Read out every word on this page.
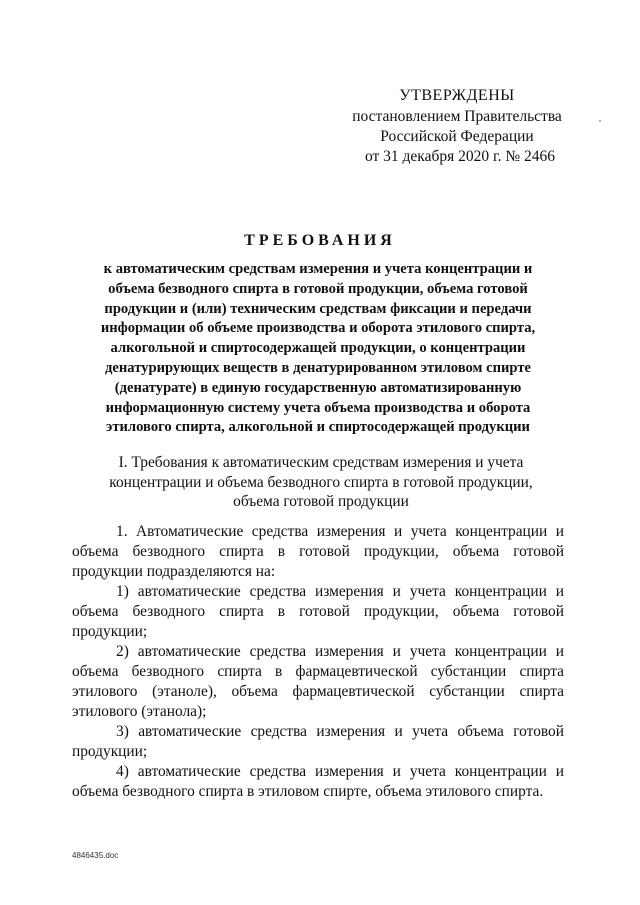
УТВЕРЖДЕНЫ
постановлением Правительства
Российской Федерации
от 31 декабря 2020 г. № 2466
ТРЕБОВАНИЯ
к автоматическим средствам измерения и учета концентрации и объема безводного спирта в готовой продукции, объема готовой продукции и (или) техническим средствам фиксации и передачи информации об объеме производства и оборота этилового спирта, алкогольной и спиртосодержащей продукции, о концентрации денатурирующих веществ в денатурированном этиловом спирте (денатурате) в единую государственную автоматизированную информационную систему учета объема производства и оборота этилового спирта, алкогольной и спиртосодержащей продукции
I. Требования к автоматическим средствам измерения и учета концентрации и объема безводного спирта в готовой продукции, объема готовой продукции

1. Автоматические средства измерения и учета концентрации и объема безводного спирта в готовой продукции, объема готовой продукции подразделяются на:

1) автоматические средства измерения и учета концентрации и объема безводного спирта в готовой продукции, объема готовой продукции;

2) автоматические средства измерения и учета концентрации и объема безводного спирта в фармацевтической субстанции спирта этилового (этаноле), объема фармацевтической субстанции спирта этилового (этанола);

3) автоматические средства измерения и учета объема готовой продукции;

4) автоматические средства измерения и учета концентрации и объема безводного спирта в этиловом спирте, объема этилового спирта.

4846435.doc
